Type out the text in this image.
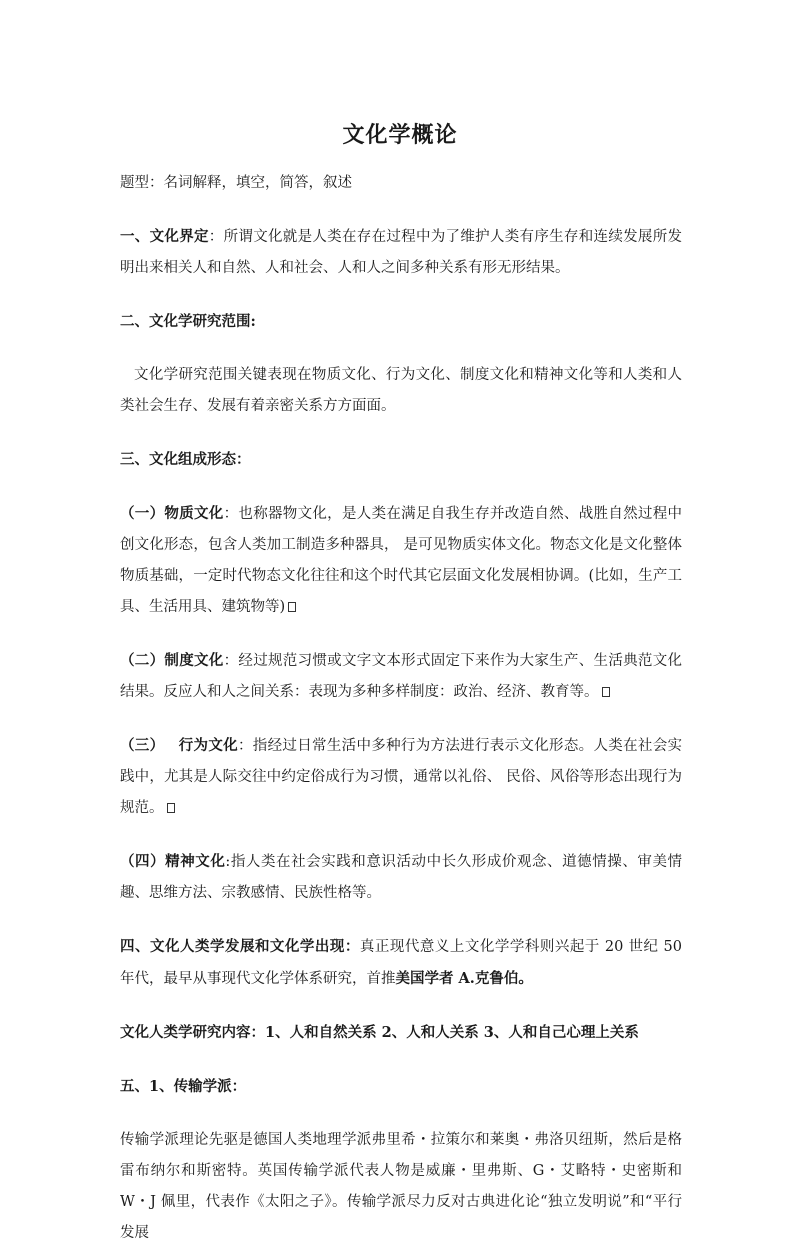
文化学概论

题型：名词解释，填空，简答，叙述

一、文化界定：所谓文化就是人类在存在过程中为了维护人类有序生存和连续发展所发明出来相关人和自然、人和社会、人和人之间多种关系有形无形结果。

二、文化学研究范围:

文化学研究范围关键表现在物质文化、行为文化、制度文化和精神文化等和人类和人类社会生存、发展有着亲密关系方方面面。

三、文化组成形态：

（一）物质文化：也称器物文化，是人类在满足自我生存并改造自然、战胜自然过程中创文化形态，包含人类加工制造多种器具， 是可见物质实体文化。物态文化是文化整体物质基础，一定时代物态文化往往和这个时代其它层面文化发展相协调。(比如，生产工具、生活用具、建筑物等)

（二）制度文化：经过规范习惯或文字文本形式固定下来作为大家生产、生活典范文化结果。反应人和人之间关系：表现为多种多样制度：政治、经济、教育等。

（三） 行为文化：指经过日常生活中多种行为方法进行表示文化形态。人类在社会实践中，尤其是人际交往中约定俗成行为习惯，通常以礼俗、 民俗、风俗等形态出现行为规范。

（四）精神文化:指人类在社会实践和意识活动中长久形成价观念、道德情操、审美情趣、思维方法、宗教感情、民族性格等。

四、文化人类学发展和文化学出现：真正现代意义上文化学学科则兴起于 20 世纪 50 年代，最早从事现代文化学体系研究，首推美国学者 A.克鲁伯。

文化人类学研究内容：1、人和自然关系 2、人和人关系 3、人和自己心理上关系

五、1、传输学派：

传输学派理论先驱是德国人类地理学派弗里希・拉策尔和莱奥・弗洛贝纽斯，然后是格雷布纳尔和斯密特。英国传输学派代表人物是威廉・里弗斯、G・艾略特・史密斯和 W・J 佩里，代表作《太阳之子》。传输学派尽力反对古典进化论“独立发明说”和“平行发展
